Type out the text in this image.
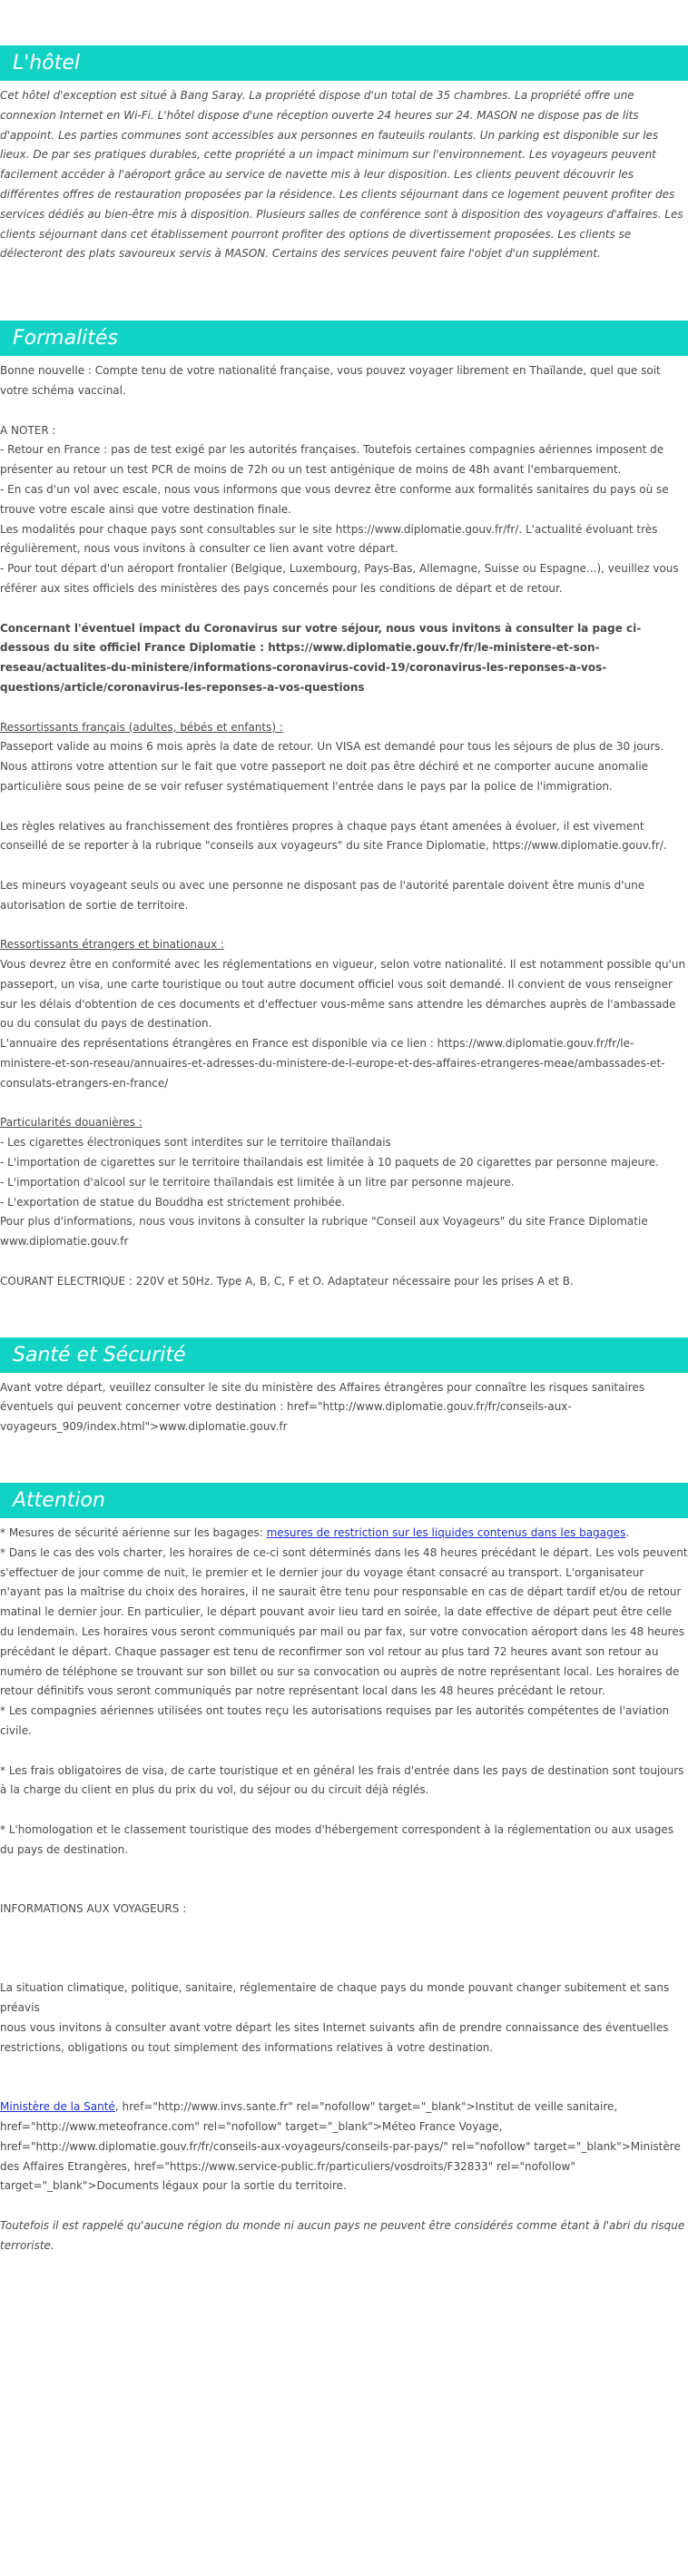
L'hôtel

Cet hôtel d'exception est situé à Bang Saray. La propriété dispose d'un total de 35 chambres. La propriété offre une connexion Internet en Wi-Fi. L'hôtel dispose d'une réception ouverte 24 heures sur 24. MASON ne dispose pas de lits d'appoint. Les parties communes sont accessibles aux personnes en fauteuils roulants. Un parking est disponible sur les lieux. De par ses pratiques durables, cette propriété a un impact minimum sur l'environnement. Les voyageurs peuvent facilement accéder à l'aéroport grâce au service de navette mis à leur disposition. Les clients peuvent découvrir les différentes offres de restauration proposées par la résidence. Les clients séjournant dans ce logement peuvent profiter des services dédiés au bien-être mis à disposition. Plusieurs salles de conférence sont à disposition des voyageurs d'affaires. Les clients séjournant dans cet établissement pourront profiter des options de divertissement proposées. Les clients se délecteront des plats savoureux servis à MASON. Certains des services peuvent faire l'objet d'un supplément.

Formalités

Bonne nouvelle : Compte tenu de votre nationalité française, vous pouvez voyager librement en Thaïlande, quel que soit votre schéma vaccinal.

A NOTER :

- Retour en France : pas de test exigé par les autorités françaises. Toutefois certaines compagnies aériennes imposent de présenter au retour un test PCR de moins de 72h ou un test antigénique de moins de 48h avant l'embarquement.

- En cas d'un vol avec escale, nous vous informons que vous devrez être conforme aux formalités sanitaires du pays où se trouve votre escale ainsi que votre destination finale.

Les modalités pour chaque pays sont consultables sur le site https://www.diplomatie.gouv.fr/fr/. L'actualité évoluant très régulièrement, nous vous invitons à consulter ce lien avant votre départ.

- Pour tout départ d'un aéroport frontalier (Belgique, Luxembourg, Pays-Bas, Allemagne, Suisse ou Espagne...), veuillez vous référer aux sites officiels des ministères des pays concernés pour les conditions de départ et de retour.

Concernant l'éventuel impact du Coronavirus sur votre séjour, nous vous invitons à consulter la page ci-dessous du site officiel France Diplomatie : https://www.diplomatie.gouv.fr/fr/le-ministere-et-son-reseau/actualites-du-ministere/informations-coronavirus-covid-19/coronavirus-les-reponses-a-vos-questions/article/coronavirus-les-reponses-a-vos-questions

Ressortissants français (adultes, bébés et enfants) :

Passeport valide au moins 6 mois après la date de retour. Un VISA est demandé pour tous les séjours de plus de 30 jours. Nous attirons votre attention sur le fait que votre passeport ne doit pas être déchiré et ne comporter aucune anomalie particulière sous peine de se voir refuser systématiquement l'entrée dans le pays par la police de l'immigration.

Les règles relatives au franchissement des frontières propres à chaque pays étant amenées à évoluer, il est vivement conseillé de se reporter à la rubrique "conseils aux voyageurs" du site France Diplomatie, https://www.diplomatie.gouv.fr/.

Les mineurs voyageant seuls ou avec une personne ne disposant pas de l'autorité parentale doivent être munis d'une autorisation de sortie de territoire.

Ressortissants étrangers et binationaux :

Vous devrez être en conformité avec les réglementations en vigueur, selon votre nationalité. Il est notamment possible qu'un passeport, un visa, une carte touristique ou tout autre document officiel vous soit demandé. Il convient de vous renseigner sur les délais d'obtention de ces documents et d'effectuer vous-même sans attendre les démarches auprès de l'ambassade ou du consulat du pays de destination.

L'annuaire des représentations étrangères en France est disponible via ce lien : https://www.diplomatie.gouv.fr/fr/le-ministere-et-son-reseau/annuaires-et-adresses-du-ministere-de-l-europe-et-des-affaires-etrangeres-meae/ambassades-et-consulats-etrangers-en-france/

Particularités douanières :

- Les cigarettes électroniques sont interdites sur le territoire thaïlandais

- L'importation de cigarettes sur le territoire thaïlandais est limitée à 10 paquets de 20 cigarettes par personne majeure.

- L'importation d'alcool sur le territoire thaïlandais est limitée à un litre par personne majeure.

- L'exportation de statue du Bouddha est strictement prohibée.

Pour plus d'informations, nous vous invitons à consulter la rubrique "Conseil aux Voyageurs" du site France Diplomatie www.diplomatie.gouv.fr

COURANT ELECTRIQUE : 220V et 50Hz. Type A, B, C, F et O. Adaptateur nécessaire pour les prises A et B.

Santé et Sécurité

Avant votre départ, veuillez consulter le site du ministère des Affaires étrangères pour connaître les risques sanitaires éventuels qui peuvent concerner votre destination : href="http://www.diplomatie.gouv.fr/fr/conseils-aux-voyageurs_909/index.html">www.diplomatie.gouv.fr

Attention

* Mesures de sécurité aérienne sur les bagages: mesures de restriction sur les liquides contenus dans les bagages.

* Dans le cas des vols charter, les horaires de ce-ci sont déterminés dans les 48 heures précédant le départ. Les vols peuvent s'effectuer de jour comme de nuit, le premier et le dernier jour du voyage étant consacré au transport. L'organisateur n'ayant pas la maîtrise du choix des horaires, il ne saurait être tenu pour responsable en cas de départ tardif et/ou de retour matinal le dernier jour. En particulier, le départ pouvant avoir lieu tard en soirée, la date effective de départ peut être celle du lendemain. Les horaires vous seront communiqués par mail ou par fax, sur votre convocation aéroport dans les 48 heures précédant le départ. Chaque passager est tenu de reconfirmer son vol retour au plus tard 72 heures avant son retour au numéro de téléphone se trouvant sur son billet ou sur sa convocation ou auprès de notre représentant local. Les horaires de retour définitifs vous seront communiqués par notre représentant local dans les 48 heures précédant le retour.

* Les compagnies aériennes utilisées ont toutes reçu les autorisations requises par les autorités compétentes de l'aviation civile.

* Les frais obligatoires de visa, de carte touristique et en général les frais d'entrée dans les pays de destination sont toujours à la charge du client en plus du prix du vol, du séjour ou du circuit déjà réglés.

* L'homologation et le classement touristique des modes d'hébergement correspondent à la réglementation ou aux usages du pays de destination.

INFORMATIONS AUX VOYAGEURS :

La situation climatique, politique, sanitaire, réglementaire de chaque pays du monde pouvant changer subitement et sans préavis

nous vous invitons à consulter avant votre départ les sites Internet suivants afin de prendre connaissance des éventuelles restrictions, obligations ou tout simplement des informations relatives à votre destination.

Ministère de la Santé, href="http://www.invs.sante.fr" rel="nofollow" target="_blank">Institut de veille sanitaire, href="http://www.meteofrance.com" rel="nofollow" target="_blank">Méteo France Voyage, href="http://www.diplomatie.gouv.fr/fr/conseils-aux-voyageurs/conseils-par-pays/" rel="nofollow" target="_blank">Ministère des Affaires Etrangères, href="https://www.service-public.fr/particuliers/vosdroits/F32833" rel="nofollow" target="_blank">Documents légaux pour la sortie du territoire.

Toutefois il est rappelé qu'aucune région du monde ni aucun pays ne peuvent être considérés comme étant à l'abri du risque terroriste.
